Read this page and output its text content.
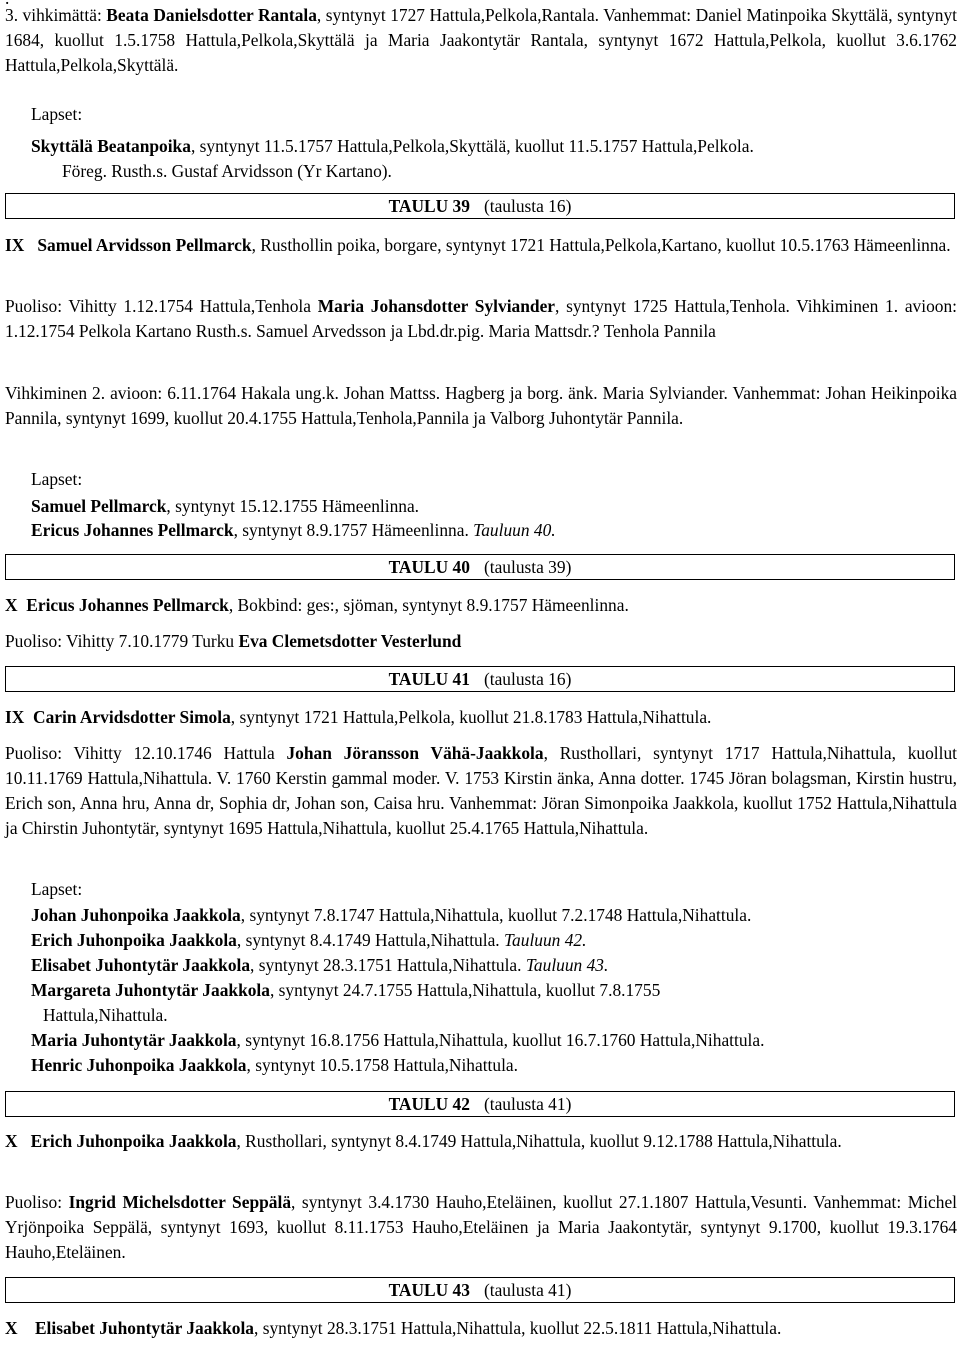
3. vihkimättä: Beata Danielsdotter Rantala, syntynyt 1727 Hattula,Pelkola,Rantala. Vanhemmat: Daniel Matinpoika Skyttälä, syntynyt 1684, kuollut 1.5.1758 Hattula,Pelkola,Skyttälä ja Maria Jaakontytär Rantala, syntynyt 1672 Hattula,Pelkola, kuollut 3.6.1762 Hattula,Pelkola,Skyttälä.
Lapset:
Skyttälä Beatanpoika, syntynyt 11.5.1757 Hattula,Pelkola,Skyttälä, kuollut 11.5.1757 Hattula,Pelkola.
Föreg. Rusth.s. Gustaf Arvidsson (Yr Kartano).
TAULU 39 (taulusta 16)
IX Samuel Arvidsson Pellmarck, Rusthollin poika, borgare, syntynyt 1721 Hattula,Pelkola,Kartano, kuollut 10.5.1763 Hämeenlinna.
Puoliso: Vihitty 1.12.1754 Hattula,Tenhola Maria Johansdotter Sylviander, syntynyt 1725 Hattula,Tenhola. Vihkiminen 1. avioon: 1.12.1754 Pelkola Kartano Rusth.s. Samuel Arvedsson ja Lbd.dr.pig. Maria Mattsdr.? Tenhola Pannila
Vihkiminen 2. avioon: 6.11.1764 Hakala ung.k. Johan Mattss. Hagberg ja borg. änk. Maria Sylviander. Vanhemmat: Johan Heikinpoika Pannila, syntynyt 1699, kuollut 20.4.1755 Hattula,Tenhola,Pannila ja Valborg Juhontytär Pannila.
Lapset:
Samuel Pellmarck, syntynyt 15.12.1755 Hämeenlinna.
Ericus Johannes Pellmarck, syntynyt 8.9.1757 Hämeenlinna. Tauluun 40.
TAULU 40 (taulusta 39)
X Ericus Johannes Pellmarck, Bokbind: ges:, sjöman, syntynyt 8.9.1757 Hämeenlinna.
Puoliso: Vihitty 7.10.1779 Turku Eva Clemetsdotter Vesterlund
TAULU 41 (taulusta 16)
IX Carin Arvidsdotter Simola, syntynyt 1721 Hattula,Pelkola, kuollut 21.8.1783 Hattula,Nihattula.
Puoliso: Vihitty 12.10.1746 Hattula Johan Jöransson Vähä-Jaakkola, Rusthollari, syntynyt 1717 Hattula,Nihattula, kuollut 10.11.1769 Hattula,Nihattula. V. 1760 Kerstin gammal moder. V. 1753 Kirstin änka, Anna dotter. 1745 Jöran bolagsman, Kirstin hustru, Erich son, Anna hru, Anna dr, Sophia dr, Johan son, Caisa hru. Vanhemmat: Jöran Simonpoika Jaakkola, kuollut 1752 Hattula,Nihattula ja Chirstin Juhontytär, syntynyt 1695 Hattula,Nihattula, kuollut 25.4.1765 Hattula,Nihattula.
Lapset:
Johan Juhonpoika Jaakkola, syntynyt 7.8.1747 Hattula,Nihattula, kuollut 7.2.1748 Hattula,Nihattula.
Erich Juhonpoika Jaakkola, syntynyt 8.4.1749 Hattula,Nihattula. Tauluun 42.
Elisabet Juhontytär Jaakkola, syntynyt 28.3.1751 Hattula,Nihattula. Tauluun 43.
Margareta Juhontytär Jaakkola, syntynyt 24.7.1755 Hattula,Nihattula, kuollut 7.8.1755
Hattula,Nihattula.
Maria Juhontytär Jaakkola, syntynyt 16.8.1756 Hattula,Nihattula, kuollut 16.7.1760 Hattula,Nihattula.
Henric Juhonpoika Jaakkola, syntynyt 10.5.1758 Hattula,Nihattula.
TAULU 42 (taulusta 41)
X Erich Juhonpoika Jaakkola, Rusthollari, syntynyt 8.4.1749 Hattula,Nihattula, kuollut 9.12.1788 Hattula,Nihattula.
Puoliso: Ingrid Michelsdotter Seppälä, syntynyt 3.4.1730 Hauho,Eteläinen, kuollut 27.1.1807 Hattula,Vesunti. Vanhemmat: Michel Yrjönpoika Seppälä, syntynyt 1693, kuollut 8.11.1753 Hauho,Eteläinen ja Maria Jaakontytär, syntynyt 9.1700, kuollut 19.3.1764 Hauho,Eteläinen.
TAULU 43 (taulusta 41)
X Elisabet Juhontytär Jaakkola, syntynyt 28.3.1751 Hattula,Nihattula, kuollut 22.5.1811 Hattula,Nihattula.
